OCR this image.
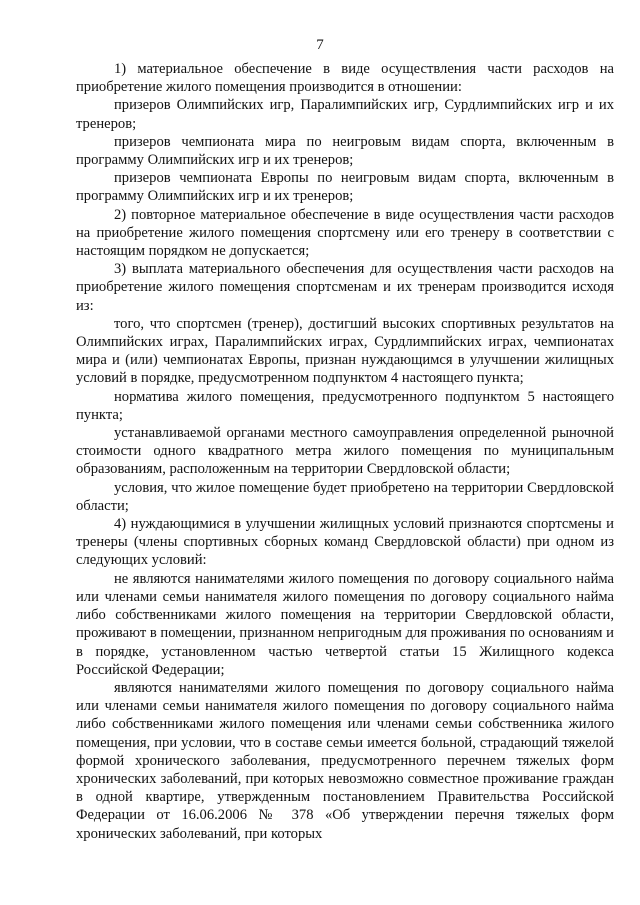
7

1) материальное обеспечение в виде осуществления части расходов на приобретение жилого помещения производится в отношении:

призеров Олимпийских игр, Паралимпийских игр, Сурдлимпийских игр и их тренеров;

призеров чемпионата мира по неигровым видам спорта, включенным в программу Олимпийских игр и их тренеров;

призеров чемпионата Европы по неигровым видам спорта, включенным в программу Олимпийских игр и их тренеров;

2) повторное материальное обеспечение в виде осуществления части расходов на приобретение жилого помещения спортсмену или его тренеру в соответствии с настоящим порядком не допускается;

3) выплата материального обеспечения для осуществления части расходов на приобретение жилого помещения спортсменам и их тренерам производится исходя из:

того, что спортсмен (тренер), достигший высоких спортивных результатов на Олимпийских играх, Паралимпийских играх, Сурдлимпийских играх, чемпионатах мира и (или) чемпионатах Европы, признан нуждающимся в улучшении жилищных условий в порядке, предусмотренном подпунктом 4 настоящего пункта;

норматива жилого помещения, предусмотренного подпунктом 5 настоящего пункта;

устанавливаемой органами местного самоуправления определенной рыночной стоимости одного квадратного метра жилого помещения по муниципальным образованиям, расположенным на территории Свердловской области;

условия, что жилое помещение будет приобретено на территории Свердловской области;

4) нуждающимися в улучшении жилищных условий признаются спортсмены и тренеры (члены спортивных сборных команд Свердловской области) при одном из следующих условий:

не являются нанимателями жилого помещения по договору социального найма или членами семьи нанимателя жилого помещения по договору социального найма либо собственниками жилого помещения на территории Свердловской области, проживают в помещении, признанном непригодным для проживания по основаниям и в порядке, установленном частью четвертой статьи 15 Жилищного кодекса Российской Федерации;

являются нанимателями жилого помещения по договору социального найма или членами семьи нанимателя жилого помещения по договору социального найма либо собственниками жилого помещения или членами семьи собственника жилого помещения, при условии, что в составе семьи имеется больной, страдающий тяжелой формой хронического заболевания, предусмотренного перечнем тяжелых форм хронических заболеваний, при которых невозможно совместное проживание граждан в одной квартире, утвержденным постановлением Правительства Российской Федерации от 16.06.2006 № 378 «Об утверждении перечня тяжелых форм хронических заболеваний, при которых
